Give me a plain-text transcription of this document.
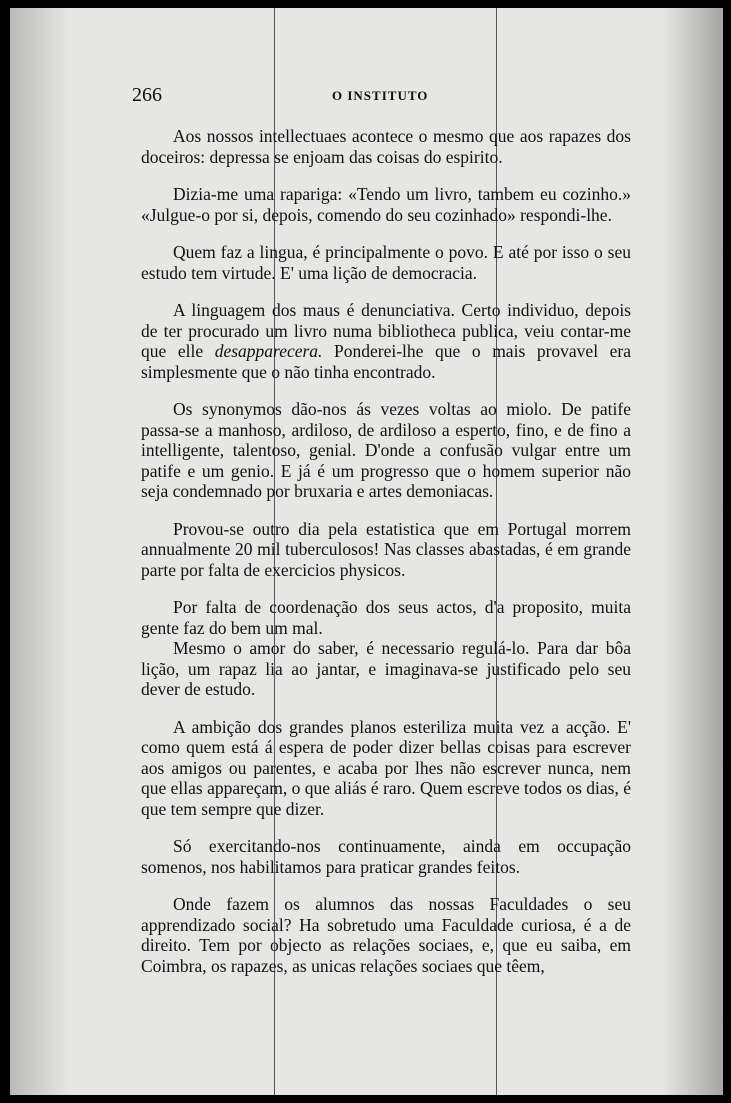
266	O INSTITUTO

Aos nossos intellectuaes acontece o mesmo que aos rapazes dos doceiros: depressa se enjoam das coisas do espirito.

Dizia-me uma rapariga: «Tendo um livro, tambem eu cozinho.» «Julgue-o por si, depois, comendo do seu cozinhado» respondi-lhe.

Quem faz a lingua, é principalmente o povo. E até por isso o seu estudo tem virtude. E' uma lição de democracia.

A linguagem dos maus é denunciativa. Certo individuo, depois de ter procurado um livro numa bibliotheca publica, veiu contar-me que elle desapparecera. Ponderei-lhe que o mais provavel era simplesmente que o não tinha encontrado.

Os synonymos dão-nos ás vezes voltas ao miolo. De patife passa-se a manhoso, ardiloso, de ardiloso a esperto, fino, e de fino a intelligente, talentoso, genial. D'onde a confusão vulgar entre um patife e um genio. E já é um progresso que o homem superior não seja condemnado por bruxaria e artes demoniacas.

Provou-se outro dia pela estatistica que em Portugal morrem annualmente 20 mil tuberculosos! Nas classes abastadas, é em grande parte por falta de exercicios physicos.

Por falta de coordenação dos seus actos, d'a proposito, muita gente faz do bem um mal.

Mesmo o amor do saber, é necessario regulá-lo. Para dar bôa lição, um rapaz lia ao jantar, e imaginava-se justificado pelo seu dever de estudo.

A ambição dos grandes planos esteriliza muita vez a acção. E' como quem está á espera de poder dizer bellas coisas para escrever aos amigos ou parentes, e acaba por lhes não escrever nunca, nem que ellas appareçam, o que aliás é raro. Quem escreve todos os dias, é que tem sempre que dizer.

Só exercitando-nos continuamente, ainda em occupação somenos, nos habilitamos para praticar grandes feitos.

Onde fazem os alumnos das nossas Faculdades o seu apprendizado social? Ha sobretudo uma Faculdade curiosa, é a de direito. Tem por objecto as relações sociaes, e, que eu saiba, em Coimbra, os rapazes, as unicas relações sociaes que têem,
